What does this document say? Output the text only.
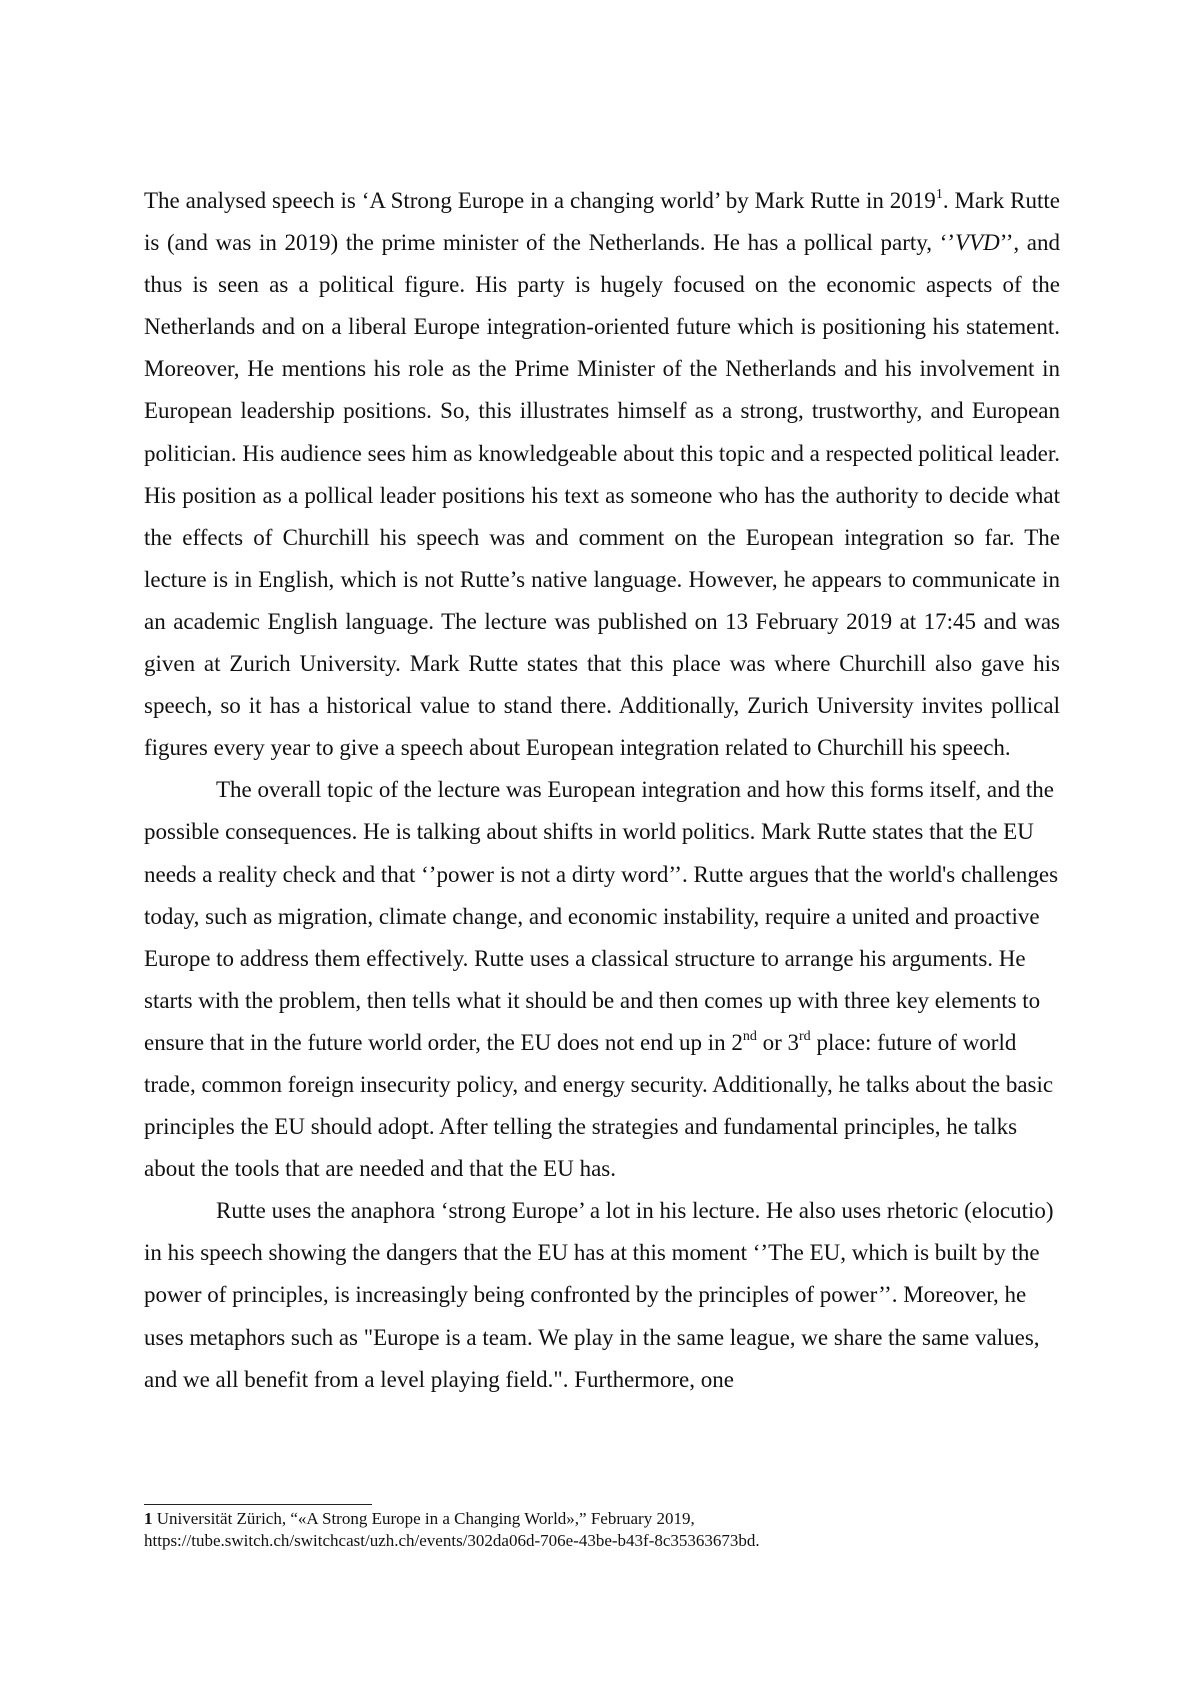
The analysed speech is ‘A Strong Europe in a changing world’ by Mark Rutte in 2019$^1$. Mark Rutte is (and was in 2019) the prime minister of the Netherlands. He has a pollical party, ‘’VVD’’, and thus is seen as a political figure. His party is hugely focused on the economic aspects of the Netherlands and on a liberal Europe integration-oriented future which is positioning his statement. Moreover, He mentions his role as the Prime Minister of the Netherlands and his involvement in European leadership positions. So, this illustrates himself as a strong, trustworthy, and European politician. His audience sees him as knowledgeable about this topic and a respected political leader. His position as a pollical leader positions his text as someone who has the authority to decide what the effects of Churchill his speech was and comment on the European integration so far. The lecture is in English, which is not Rutte’s native language. However, he appears to communicate in an academic English language. The lecture was published on 13 February 2019 at 17:45 and was given at Zurich University. Mark Rutte states that this place was where Churchill also gave his speech, so it has a historical value to stand there. Additionally, Zurich University invites pollical figures every year to give a speech about European integration related to Churchill his speech.

The overall topic of the lecture was European integration and how this forms itself, and the possible consequences. He is talking about shifts in world politics. Mark Rutte states that the EU needs a reality check and that ‘’power is not a dirty word’’. Rutte argues that the world's challenges today, such as migration, climate change, and economic instability, require a united and proactive Europe to address them effectively. Rutte uses a classical structure to arrange his arguments. He starts with the problem, then tells what it should be and then comes up with three key elements to ensure that in the future world order, the EU does not end up in 2nd or 3rd place: future of world trade, common foreign insecurity policy, and energy security. Additionally, he talks about the basic principles the EU should adopt. After telling the strategies and fundamental principles, he talks about the tools that are needed and that the EU has.

Rutte uses the anaphora ‘strong Europe’ a lot in his lecture. He also uses rhetoric (elocutio) in his speech showing the dangers that the EU has at this moment ‘’The EU, which is built by the power of principles, is increasingly being confronted by the principles of power’’. Moreover, he uses metaphors such as "Europe is a team. We play in the same league, we share the same values, and we all benefit from a level playing field.". Furthermore, one

1 Universität Zürich, “«A Strong Europe in a Changing World»,” February 2019,
https://tube.switch.ch/switchcast/uzh.ch/events/302da06d-706e-43be-b43f-8c35363673bd.
